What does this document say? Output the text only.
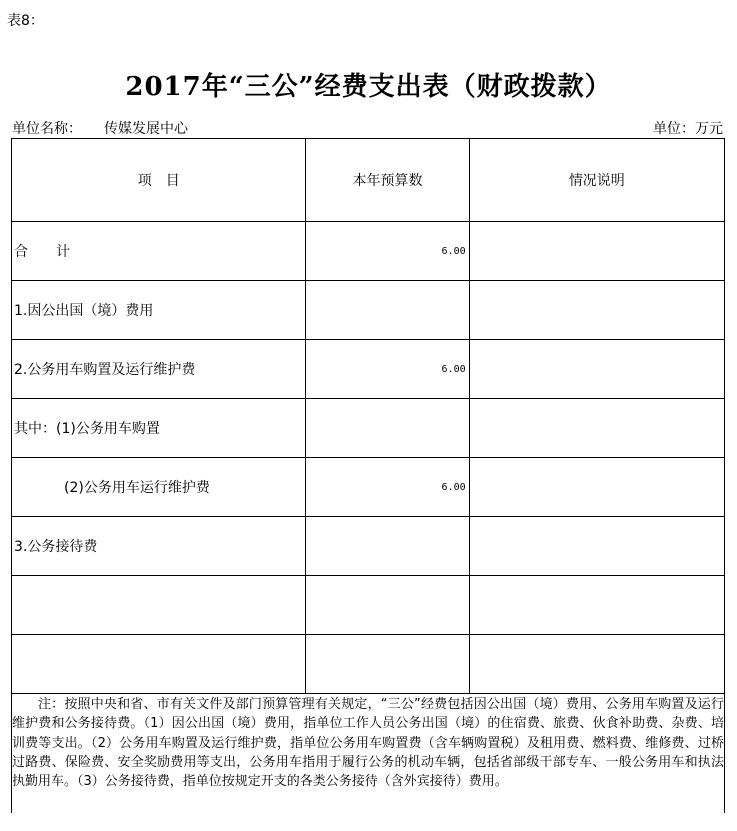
表8：
2017年“三公”经费支出表（财政拨款）
单位名称： 传媒发展中心	单位：万元
项　目	本年预算数	情况说明
合　　计	6.00	
1.因公出国（境）费用		
2.公务用车购置及运行维护费	6.00	
其中：(1)公务用车购置		
(2)公务用车运行维护费	6.00	
3.公务接待费		

注：按照中央和省、市有关文件及部门预算管理有关规定，“三公”经费包括因公出国（境）费用、公务用车购置及运行维护费和公务接待费。（1）因公出国（境）费用，指单位工作人员公务出国（境）的住宿费、旅费、伙食补助费、杂费、培训费等支出。（2）公务用车购置及运行维护费，指单位公务用车购置费（含车辆购置税）及租用费、燃料费、维修费、过桥过路费、保险费、安全奖励费用等支出，公务用车指用于履行公务的机动车辆，包括省部级干部专车、一般公务用车和执法执勤用车。（3）公务接待费，指单位按规定开支的各类公务接待（含外宾接待）费用。
